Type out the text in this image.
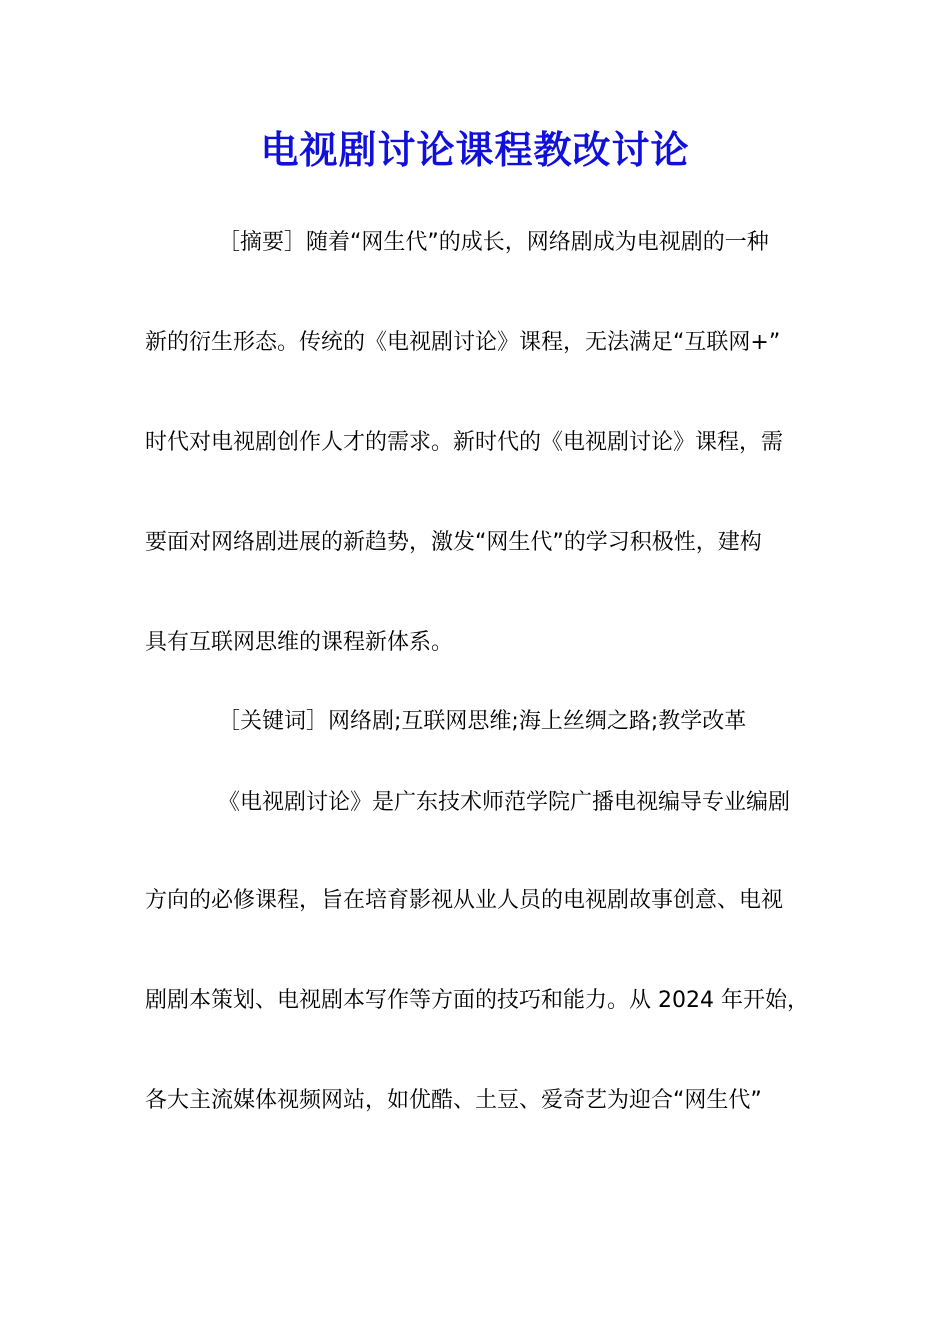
电视剧讨论课程教改讨论
［摘要］随着“网生代”的成长，网络剧成为电视剧的一种
新的衍生形态。传统的《电视剧讨论》课程，无法满足“互联网+”
时代对电视剧创作人才的需求。新时代的《电视剧讨论》课程，需
要面对网络剧进展的新趋势，激发“网生代”的学习积极性，建构
具有互联网思维的课程新体系。
［关键词］网络剧;互联网思维;海上丝绸之路;教学改革
《电视剧讨论》是广东技术师范学院广播电视编导专业编剧
方向的必修课程，旨在培育影视从业人员的电视剧故事创意、电视
剧剧本策划、电视剧本写作等方面的技巧和能力。从 2024 年开始，
各大主流媒体视频网站，如优酷、土豆、爱奇艺为迎合“网生代”
